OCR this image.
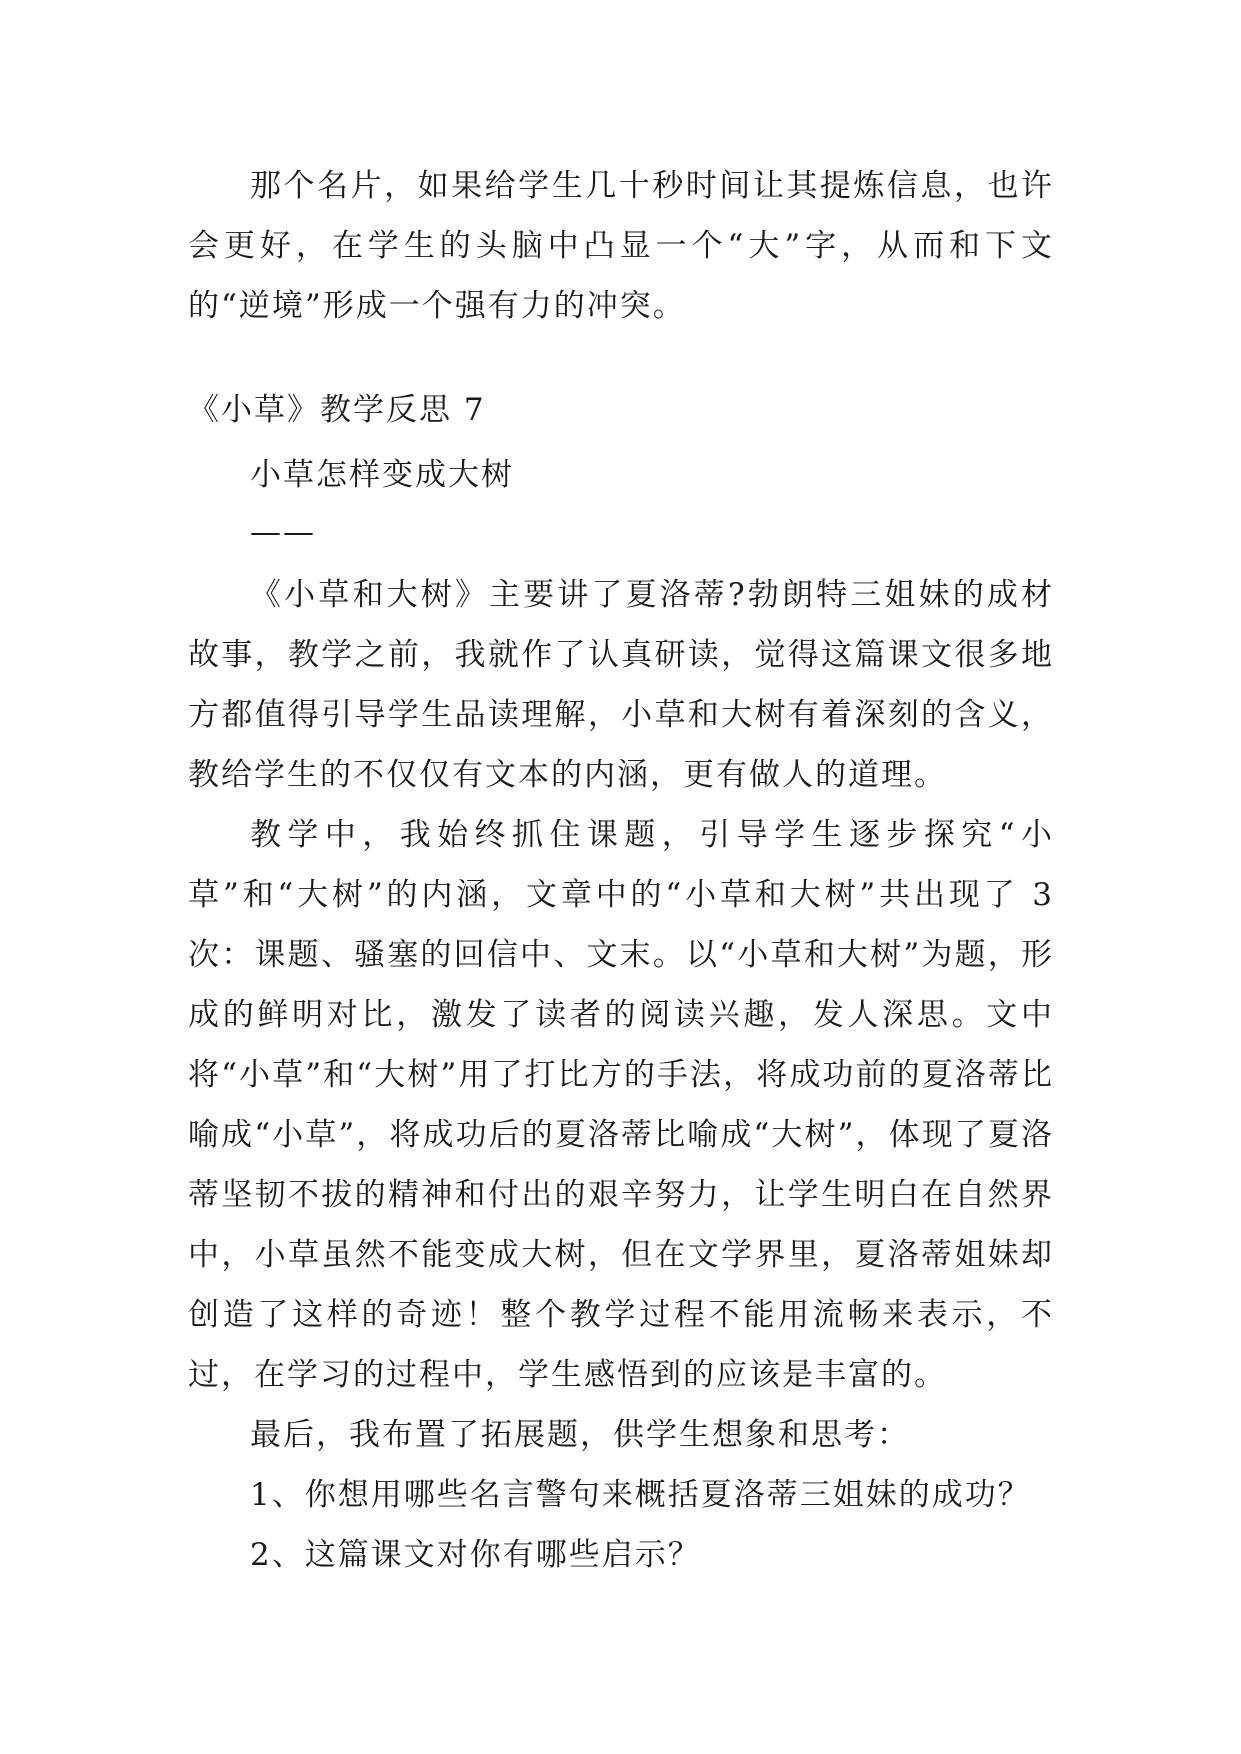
那个名片，如果给学生几十秒时间让其提炼信息，也许会更好，在学生的头脑中凸显一个“大”字，从而和下文的“逆境”形成一个强有力的冲突。

《小草》教学反思 7

小草怎样变成大树

——

《小草和大树》主要讲了夏洛蒂?勃朗特三姐妹的成材故事，教学之前，我就作了认真研读，觉得这篇课文很多地方都值得引导学生品读理解，小草和大树有着深刻的含义，教给学生的不仅仅有文本的内涵，更有做人的道理。

教学中，我始终抓住课题，引导学生逐步探究“小草”和“大树”的内涵，文章中的“小草和大树”共出现了 3 次：课题、骚塞的回信中、文末。以“小草和大树”为题，形成的鲜明对比，激发了读者的阅读兴趣，发人深思。文中将“小草”和“大树”用了打比方的手法，将成功前的夏洛蒂比喻成“小草”，将成功后的夏洛蒂比喻成“大树”，体现了夏洛蒂坚韧不拔的精神和付出的艰辛努力，让学生明白在自然界中，小草虽然不能变成大树，但在文学界里，夏洛蒂姐妹却创造了这样的奇迹！整个教学过程不能用流畅来表示，不过，在学习的过程中，学生感悟到的应该是丰富的。

最后，我布置了拓展题，供学生想象和思考：

1、你想用哪些名言警句来概括夏洛蒂三姐妹的成功？

2、这篇课文对你有哪些启示？
